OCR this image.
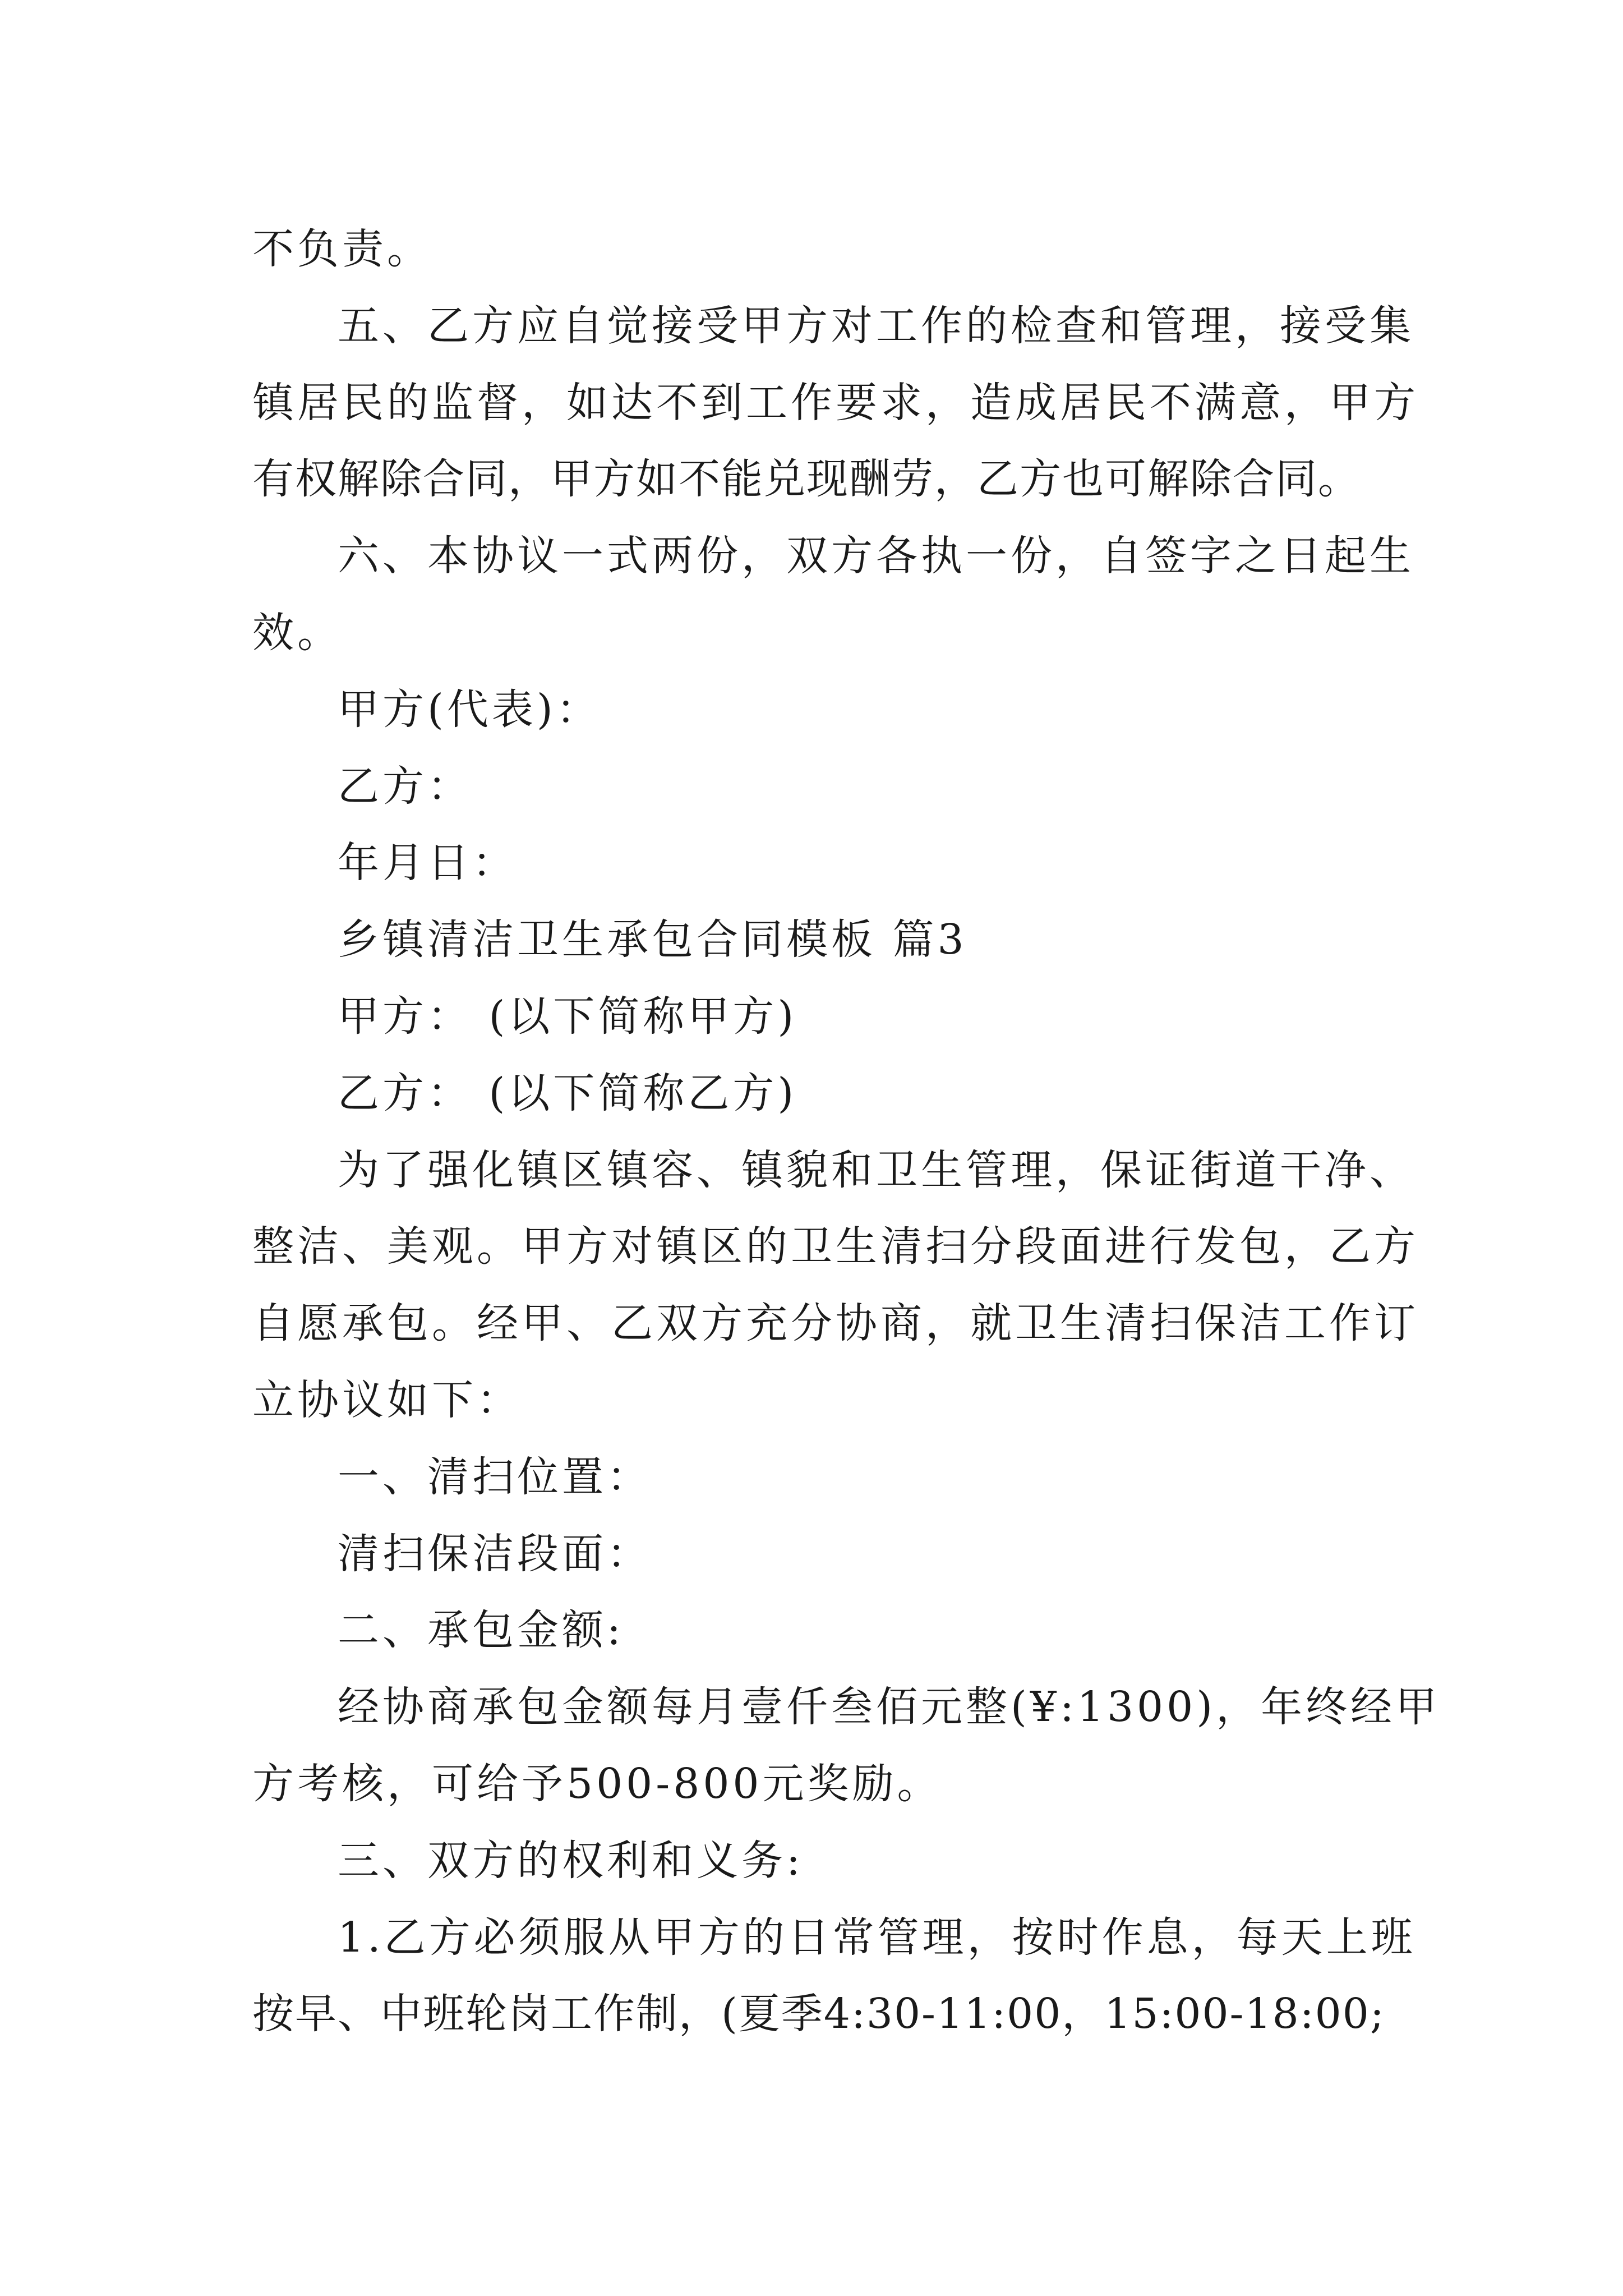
不负责。
五、乙方应自觉接受甲方对工作的检查和管理，接受集
镇居民的监督，如达不到工作要求，造成居民不满意，甲方
有权解除合同，甲方如不能兑现酬劳，乙方也可解除合同。
六、本协议一式两份，双方各执一份，自签字之日起生
效。
甲方(代表)：
乙方：
年月日：
乡镇清洁卫生承包合同模板 篇3
甲方： (以下简称甲方)
乙方： (以下简称乙方)
为了强化镇区镇容、镇貌和卫生管理，保证街道干净、
整洁、美观。甲方对镇区的卫生清扫分段面进行发包，乙方
自愿承包。经甲、乙双方充分协商，就卫生清扫保洁工作订
立协议如下：
一、清扫位置：
清扫保洁段面：
二、承包金额:
经协商承包金额每月壹仟叁佰元整(¥:1300)，年终经甲
方考核，可给予500-800元奖励。
三、双方的权利和义务:
1.乙方必须服从甲方的日常管理，按时作息，每天上班
按早、中班轮岗工作制，(夏季4:30-11:00，15:00-18:00;
